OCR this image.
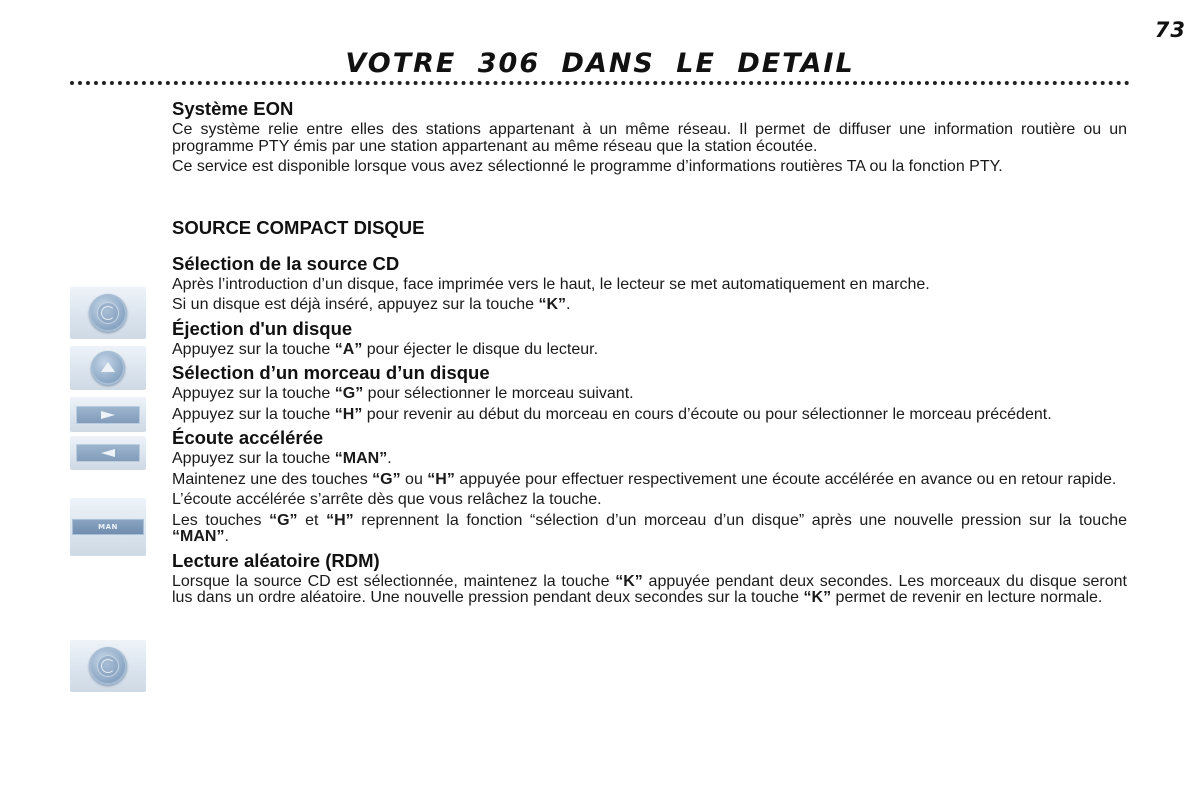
73
VOTRE 306 DANS LE DETAIL
MAN
Système EON

Ce système relie entre elles des stations appartenant à un même réseau. Il permet de diffuser une information routière ou un programme PTY émis par une station appartenant au même réseau que la station écoutée.

Ce service est disponible lorsque vous avez sélectionné le programme d’informations routières TA ou la fonction PTY.

SOURCE COMPACT DISQUE
Sélection de la source CD

Après l’introduction d’un disque, face imprimée vers le haut, le lecteur se met automatiquement en marche.

Si un disque est déjà inséré, appuyez sur la touche “K”.

Éjection d'un disque

Appuyez sur la touche “A” pour éjecter le disque du lecteur.

Sélection d’un morceau d’un disque

Appuyez sur la touche “G” pour sélectionner le morceau suivant.

Appuyez sur la touche “H” pour revenir au début du morceau en cours d’écoute ou pour sélectionner le morceau précédent.

Écoute accélérée

Appuyez sur la touche “MAN”.

Maintenez une des touches “G” ou “H” appuyée pour effectuer respectivement une écoute accélérée en avance ou en retour rapide.

L’écoute accélérée s’arrête dès que vous relâchez la touche.

Les touches “G” et “H” reprennent la fonction “sélection d’un morceau d’un disque” après une nouvelle pression sur la touche “MAN”.

Lecture aléatoire (RDM)

Lorsque la source CD est sélectionnée, maintenez la touche “K” appuyée pendant deux secondes. Les morceaux du disque seront lus dans un ordre aléatoire. Une nouvelle pression pendant deux secondes sur la touche “K” permet de revenir en lecture normale.
